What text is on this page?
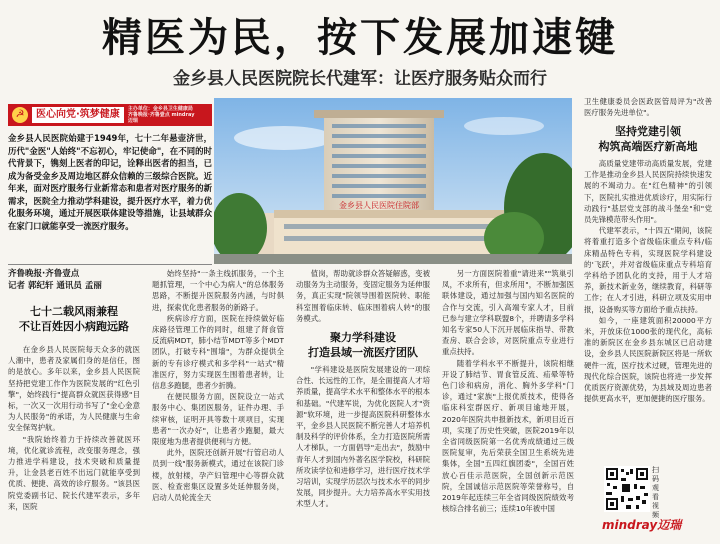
精医为民，按下发展加速键
金乡县人民医院院长代建军：让医疗服务贴众而行
☭	医心向党·筑梦健康	主办单位：金乡县卫生健康局 齐鲁晚报·齐鲁壹点 mindray迈瑞
金乡县人民医院始建于1949年，七十二年悬壶济世，历代"金医"人始终"不忘初心，牢记使命"，在不同的时代背景下，镌刻上医者的印记，诠释出医者的担当，已成为备受金乡及周边地区群众信赖的三级综合医院。近年来，面对医疗服务行业新常态和患者对医疗服务的新需求，医院全力推动学科建设，提升医疗水平，着力优化服务环境，通过开展医联体建设等措施，让县域群众在家门口就能享受一流医疗服务。
金乡县人民医院住院部
齐鲁晚报·齐鲁壹点
记者 郭纪轩 通讯员 孟丽
七十二载风雨兼程
不让百姓因小病跑远路

在金乡县人民医院每天众多的就医人潮中，患者及家属们身的是信任，图的是放心。多年以来，金乡县人民医院坚持把党建工作作为医院发展的"红色引擎"，始终践行"提高群众就医获得感"目标，一次又一次用行动书写了"金心金意为人民服务"的承诺，为人民健康与生命安全保驾护航。

"我院始终着力于持续改善就医环境，优化就诊流程，改变服务理念，强力推进学科建设，技术突破和质量提升，让金县老百姓不出远门就能享受到优质、便捷、高效的诊疗服务。"该县医院党委副书记、院长代建军表示，多年来，医院

始终坚持"一条主线抓服务，一个主题抓管理，一个中心为病人"的总体服务思路，不断提升医院服务内涵，与时俱进，探索优化患者服务的新路子。

疾病诊疗方面，医院在持续做好临床路径管理工作的同时，组建了肾食管反流病MDT，肺小结节MDT等多个MDT团队，打破专科"围墙"，为群众提供全新的专有诊疗模式和多学科"一站式"精准医疗，努力实现医生围着患者转，让信息多跑腿，患者少折腾。

在便民服务方面，医院设立一站式服务中心、集团医服务，证件办理、手续审核，证明开具等数十项项目，实现患者"一次办好"，让患者少跑腿，最大限度地为患者提供便利与方便。

此外，医院还创新开展"行管启动人员到一线"服务新模式，通过在该院门诊楼，放射楼，孕产妇管理中心等群众就医、检查密集区设置多处延伸服务岗，启动人员轮流全天

值岗，帮助就诊群众答疑解惑，变被动服务为主动服务，变固定服务为延伸服务，真正实现"院领导围着医院转、职能科室围着临床转、临床围着病人转"的服务模式。

聚力学科建设
打造县域一流医疗团队

"学科建设是医院发展建设的一项综合性、长远性的工作，是全面提高人才培养质量，提高学术水平和整体水平的根本和基础。"代建军说，为优化医院人才"资源"软环境，进一步提高医院科研整体水平，金乡县人民医院不断完善人才培养机制及科学的评价体系，全力打造医院所需人才梯队，一方面倡导"走出去"，鼓励中青年人才到国内外著名医学院校，科研院所攻读学位和进修学习，进行医疗技术学习培训，实现学历层次与技术水平的同步发展，同步提升。大力培养高水平实用技术型人才。

另一方面医院着重"请进来""筑巢引凤，不求所有，但求所用"，不断加强医联体建设，通过加强与国内知名医院的合作与交流，引入高端专家人才，目前已参与建立学科联盟8个，并聘请多学科知名专家50人下沉开展临床指导、带教查房、联合会诊，对医院重点专业进行重点扶持。

随着学科水平不断提升，该院相继开设了肺结节、胃食管反流、疝晕等特色门诊和病房，消化、胸外多学科"门诊，通过"家族"上报优质技术，使得各临床科室群医疗、新项目逾地开展，2020年医院共申报新技术，新项目近百项，实现了历史性突破，医院2019年以全省同级医院第一名优秀成绩通过三级医院复审，先后荣获全国卫生系统先进集体，全国"五四红旗团委"，全国百姓放心百佳示范医院，全国创新示范医院，全国诚信示范医院等荣誉称号，自2019年起连续三年全省同级医院绩效考核综合排名前三；连续10年被中国

卫生健康委员会医政医管局评为"改善医疗服务先进单位"。

坚持党建引领
构筑高端医疗新高地

高质量党建带动高质量发展，党建工作是推动金乡县人民医院持续快速发展的不竭动力。在"红色精神"的引领下，医院扎实推进优质诊疗，用实际行动践行"基层党支部的战斗堡垒"和"党员先锋模范带头作用"。

代建军表示，"十四五"期间，该院将着重打造多个省级临床重点专科/临床精品特色专科，实现医院学科建设的'飞跃'，并对省级临床重点专科培育学科给予团队化的支持，用于人才培养，新技术新业务，继续教育，科研等工作；在人才引进，科研立项及实用申报，设备购买等方面给予重点扶持。

如今，一座建筑面积20000平方米，开放床位1000张的现代化，高标准的新院区在金乡县东城区已启动建设，金乡县人民医院新院区将是一所软硬件一流，医疗技术过硬，管理先进的现代化综合医院，该院也将进一步发挥优质医疗资源优势，为县域及周边患者提供更高水平，更加便捷的医疗服务。

扫码观看视频
mindray迈瑞
